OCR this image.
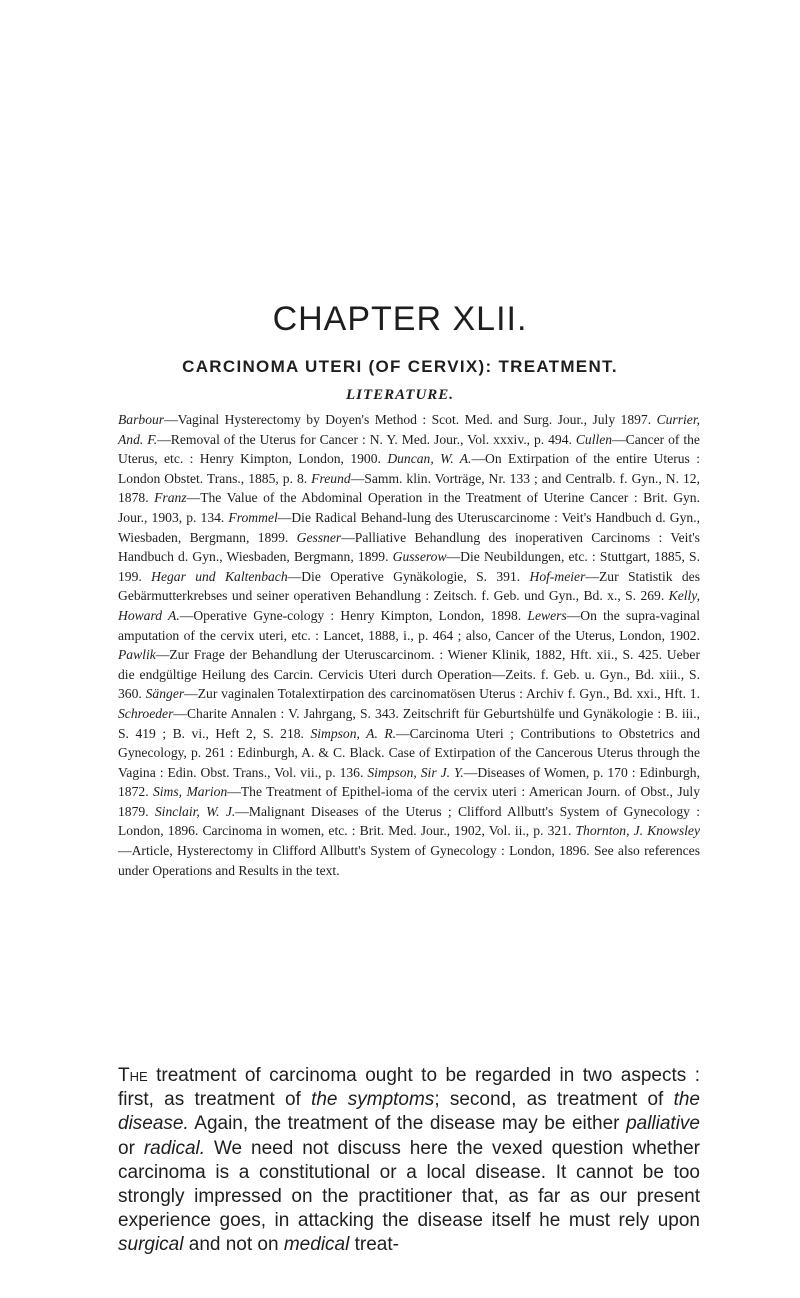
CHAPTER XLII.
CARCINOMA UTERI (OF CERVIX): TREATMENT.
LITERATURE.
Barbour—Vaginal Hysterectomy by Doyen's Method : Scot. Med. and Surg. Jour., July 1897. Currier, And. F.—Removal of the Uterus for Cancer : N. Y. Med. Jour., Vol. xxxiv., p. 494. Cullen—Cancer of the Uterus, etc. : Henry Kimpton, London, 1900. Duncan, W. A.—On Extirpation of the entire Uterus : London Obstet. Trans., 1885, p. 8. Freund—Samm. klin. Vorträge, Nr. 133 ; and Centralb. f. Gyn., N. 12, 1878. Franz—The Value of the Abdominal Operation in the Treatment of Uterine Cancer : Brit. Gyn. Jour., 1903, p. 134. Frommel—Die Radical Behand-lung des Uteruscarcinome : Veit's Handbuch d. Gyn., Wiesbaden, Bergmann, 1899. Gessner—Palliative Behandlung des inoperativen Carcinoms : Veit's Handbuch d. Gyn., Wiesbaden, Bergmann, 1899. Gusserow—Die Neubildungen, etc. : Stuttgart, 1885, S. 199. Hegar und Kaltenbach—Die Operative Gynäkologie, S. 391. Hof-meier—Zur Statistik des Gebärmutterkrebses und seiner operativen Behandlung : Zeitsch. f. Geb. und Gyn., Bd. x., S. 269. Kelly, Howard A.—Operative Gyne-cology : Henry Kimpton, London, 1898. Lewers—On the supra-vaginal amputation of the cervix uteri, etc. : Lancet, 1888, i., p. 464 ; also, Cancer of the Uterus, London, 1902. Pawlik—Zur Frage der Behandlung der Uteruscarcinom. : Wiener Klinik, 1882, Hft. xii., S. 425. Ueber die endgültige Heilung des Carcin. Cervicis Uteri durch Operation—Zeits. f. Geb. u. Gyn., Bd. xiii., S. 360. Sänger—Zur vaginalen Totalextirpation des carcinomatösen Uterus : Archiv f. Gyn., Bd. xxi., Hft. 1. Schroeder—Charite Annalen : V. Jahrgang, S. 343. Zeitschrift für Geburtshülfe und Gynäkologie : B. iii., S. 419 ; B. vi., Heft 2, S. 218. Simpson, A. R.—Carcinoma Uteri ; Contributions to Obstetrics and Gynecology, p. 261 : Edinburgh, A. & C. Black. Case of Extirpation of the Cancerous Uterus through the Vagina : Edin. Obst. Trans., Vol. vii., p. 136. Simpson, Sir J. Y.—Diseases of Women, p. 170 : Edinburgh, 1872. Sims, Marion—The Treatment of Epithel-ioma of the cervix uteri : American Journ. of Obst., July 1879. Sinclair, W. J.—Malignant Diseases of the Uterus ; Clifford Allbutt's System of Gynecology : London, 1896. Carcinoma in women, etc. : Brit. Med. Jour., 1902, Vol. ii., p. 321. Thornton, J. Knowsley—Article, Hysterectomy in Clifford Allbutt's System of Gynecology : London, 1896. See also references under Operations and Results in the text.
The treatment of carcinoma ought to be regarded in two aspects : first, as treatment of the symptoms; second, as treatment of the disease. Again, the treatment of the disease may be either palliative or radical. We need not discuss here the vexed question whether carcinoma is a constitutional or a local disease. It cannot be too strongly impressed on the practitioner that, as far as our present experience goes, in attacking the disease itself he must rely upon surgical and not on medical treat-
